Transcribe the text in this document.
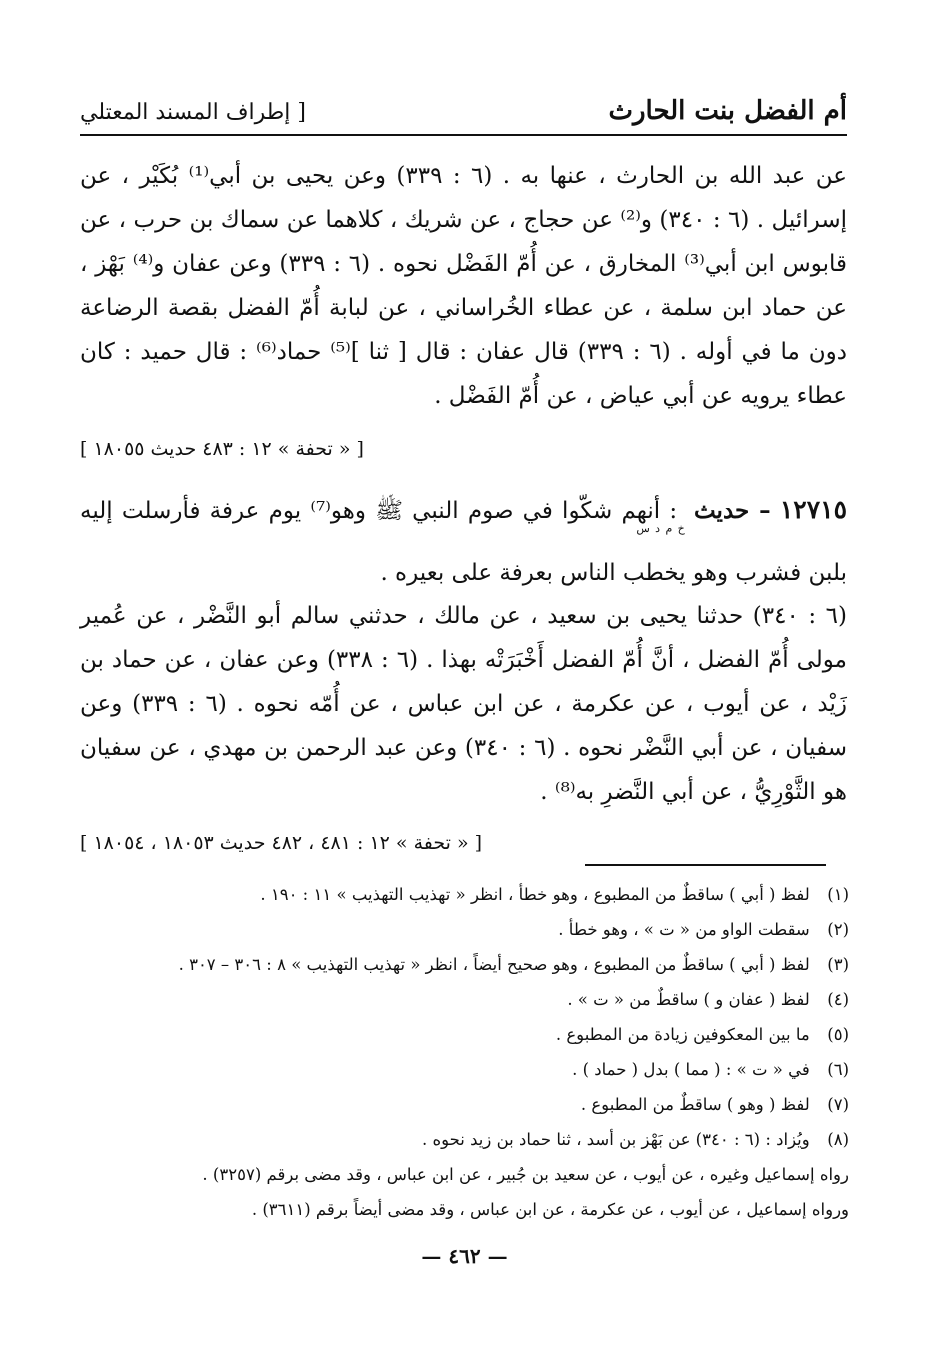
أم الفضل بنت الحارث
[ إطراف المسند المعتلي

عن عبد الله بن الحارث ، عنها به . (٦ : ٣٣٩) وعن يحيى بن أبي⁽¹⁾ بُكَيْر ، عن إسرائيل . (٦ : ٣٤٠) و⁽²⁾ عن حجاج ، عن شريك ، كلاهما عن سماك بن حرب ، عن قابوس ابن أبي⁽³⁾ المخارق ، عن أُمّ الفَضْل نحوه . (٦ : ٣٣٩) وعن عفان و⁽⁴⁾ بَهْز ، عن حماد ابن سلمة ، عن عطاء الخُراساني ، عن لبابة أُمّ الفضل بقصة الرضاعة دون ما في أوله . (٦ : ٣٣٩) قال عفان : قال [ ثنا ]⁽⁵⁾ حماد⁽⁶⁾ : قال حميد : كان عطاء يرويه عن أبي عياض ، عن أُمّ الفَضْل .

[ « تحفة » ١٢ : ٤٨٣ حديث ١٨٠٥٥ ]

١٢٧١٥ – حديث $_{خ م د س}$ : أنهم شكّوا في صوم النبي ﷺ وهو⁽⁷⁾ يوم عرفة فأرسلت إليه بلبن فشرب وهو يخطب الناس بعرفة على بعيره .

(٦ : ٣٤٠) حدثنا يحيى بن سعيد ، عن مالك ، حدثني سالم أبو النَّضْر ، عن عُمير مولى أُمّ الفضل ، أنَّ أُمّ الفضل أَخْبَرَتْه بهذا . (٦ : ٣٣٨) وعن عفان ، عن حماد بن زَيْد ، عن أيوب ، عن عكرمة ، عن ابن عباس ، عن أُمّه نحوه . (٦ : ٣٣٩) وعن سفيان ، عن أبي النَّضْر نحوه . (٦ : ٣٤٠) وعن عبد الرحمن بن مهدي ، عن سفيان هو الثَّوْرِيُّ ، عن أبي النَّضرِ به⁽⁸⁾ .

[ « تحفة » ١٢ : ٤٨١ ، ٤٨٢ حديث ١٨٠٥٣ ، ١٨٠٥٤ ]
(١) لفظ ( أبي ) ساقطٌ من المطبوع ، وهو خطأ ، انظر « تهذيب التهذيب » ١١ : ١٩٠ .
(٢) سقطت الواو من « ت » ، وهو خطأ .
(٣) لفظ ( أبي ) ساقطٌ من المطبوع ، وهو صحيح أيضاً ، انظر « تهذيب التهذيب » ٨ : ٣٠٦ – ٣٠٧ .
(٤) لفظ ( عفان و ) ساقطٌ من « ت » .
(٥) ما بين المعكوفين زيادة من المطبوع .
(٦) في « ت » : ( مما ) بدل ( حماد ) .
(٧) لفظ ( وهو ) ساقطٌ من المطبوع .
(٨) ويُزاد : (٦ : ٣٤٠) عن بَهْز بن أسد ، ثنا حماد بن زيد نحوه .
رواه إسماعيل وغيره ، عن أيوب ، عن سعيد بن جُبير ، عن ابن عباس ، وقد مضى برقم (٣٢٥٧) .
ورواه إسماعيل ، عن أيوب ، عن عكرمة ، عن ابن عباس ، وقد مضى أيضاً برقم (٣٦١١) .
— ٤٦٢ —
